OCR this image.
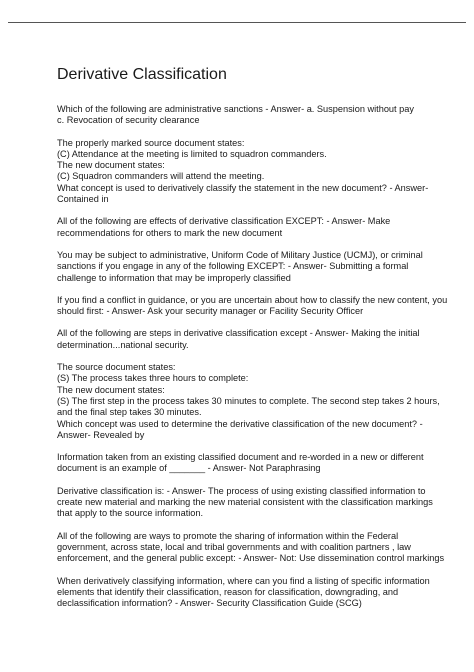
Derivative Classification

Which of the following are administrative sanctions - Answer- a. Suspension without pay
c. Revocation of security clearance

The properly marked source document states:
(C) Attendance at the meeting is limited to squadron commanders.
The new document states:
(C) Squadron commanders will attend the meeting.
What concept is used to derivatively classify the statement in the new document? - Answer-
Contained in

All of the following are effects of derivative classification EXCEPT: - Answer- Make
recommendations for others to mark the new document

You may be subject to administrative, Uniform Code of Military Justice (UCMJ), or criminal
sanctions if you engage in any of the following EXCEPT: - Answer- Submitting a formal
challenge to information that may be improperly classified

If you find a conflict in guidance, or you are uncertain about how to classify the new content, you
should first: - Answer- Ask your security manager or Facility Security Officer

All of the following are steps in derivative classification except - Answer- Making the initial
determination...national security.

The source document states:
(S) The process takes three hours to complete:
The new document states:
(S) The first step in the process takes 30 minutes to complete. The second step takes 2 hours,
and the final step takes 30 minutes.
Which concept was used to determine the derivative classification of the new document? -
Answer- Revealed by

Information taken from an existing classified document and re-worded in a new or different
document is an example of _______ - Answer- Not Paraphrasing

Derivative classification is: - Answer- The process of using existing classified information to
create new material and marking the new material consistent with the classification markings
that apply to the source information.

All of the following are ways to promote the sharing of information within the Federal
government, across state, local and tribal governments and with coalition partners , law
enforcement, and the general public except: - Answer- Not: Use dissemination control markings

When derivatively classifying information, where can you find a listing of specific information
elements that identify their classification, reason for classification, downgrading, and
declassification information? - Answer- Security Classification Guide (SCG)
